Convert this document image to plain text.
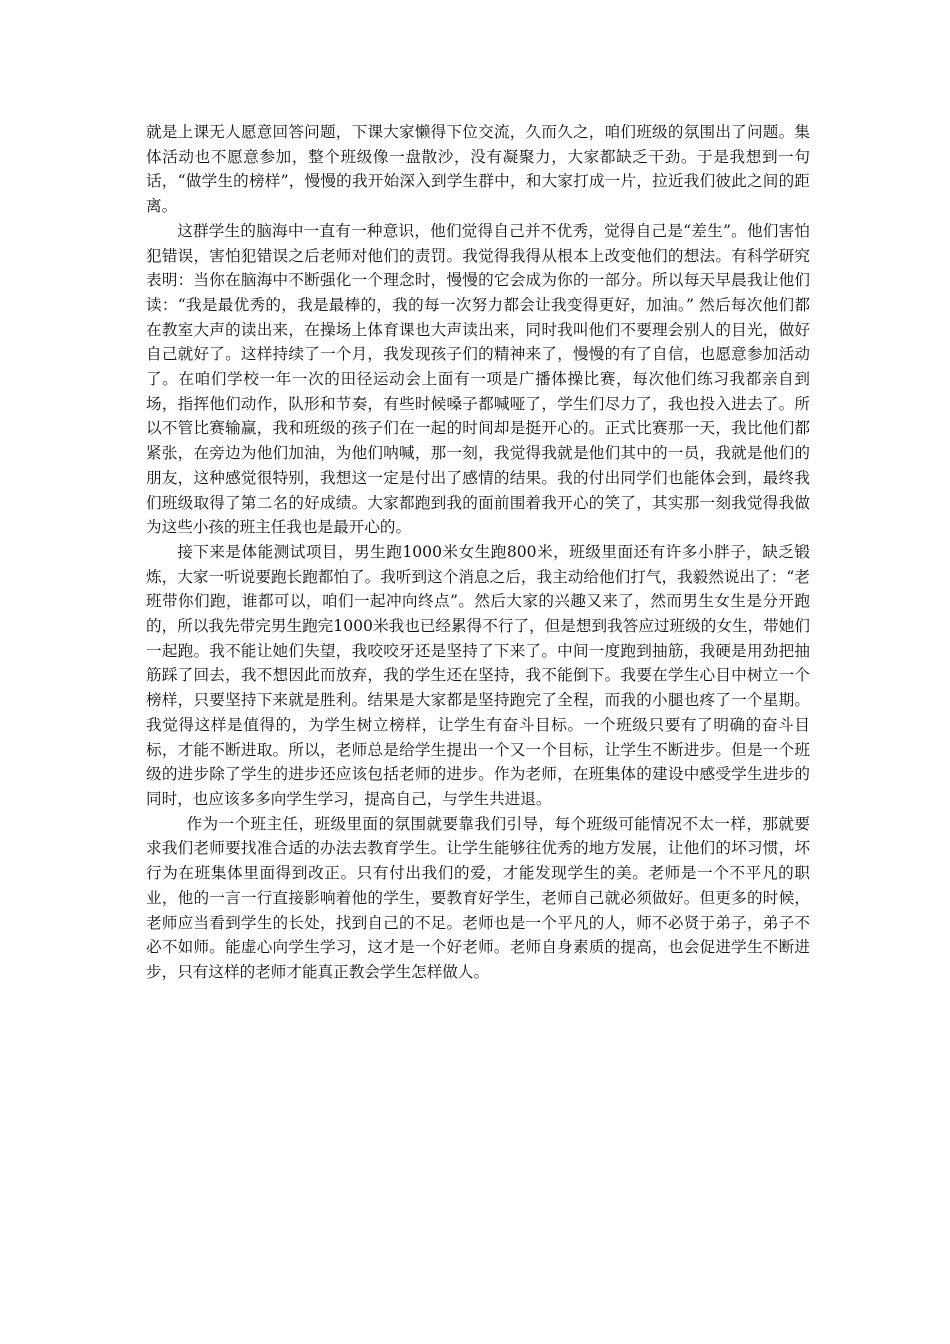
就是上课无人愿意回答问题，下课大家懒得下位交流，久而久之，咱们班级的氛围出了问题。集体活动也不愿意参加，整个班级像一盘散沙，没有凝聚力，大家都缺乏干劲。于是我想到一句话，“做学生的榜样”，慢慢的我开始深入到学生群中，和大家打成一片，拉近我们彼此之间的距离。

这群学生的脑海中一直有一种意识，他们觉得自己并不优秀，觉得自己是“差生”。他们害怕犯错误，害怕犯错误之后老师对他们的责罚。我觉得我得从根本上改变他们的想法。有科学研究表明：当你在脑海中不断强化一个理念时，慢慢的它会成为你的一部分。所以每天早晨我让他们读：“我是最优秀的，我是最棒的，我的每一次努力都会让我变得更好，加油。” 然后每次他们都在教室大声的读出来，在操场上体育课也大声读出来，同时我叫他们不要理会别人的目光，做好自己就好了。这样持续了一个月，我发现孩子们的精神来了，慢慢的有了自信，也愿意参加活动了。在咱们学校一年一次的田径运动会上面有一项是广播体操比赛，每次他们练习我都亲自到场，指挥他们动作，队形和节奏，有些时候嗓子都喊哑了，学生们尽力了，我也投入进去了。所以不管比赛输赢，我和班级的孩子们在一起的时间却是挺开心的。正式比赛那一天，我比他们都紧张，在旁边为他们加油，为他们呐喊，那一刻，我觉得我就是他们其中的一员，我就是他们的朋友，这种感觉很特别，我想这一定是付出了感情的结果。我的付出同学们也能体会到，最终我们班级取得了第二名的好成绩。大家都跑到我的面前围着我开心的笑了，其实那一刻我觉得我做为这些小孩的班主任我也是最开心的。

接下来是体能测试项目，男生跑1000米女生跑800米，班级里面还有许多小胖子，缺乏锻炼，大家一听说要跑长跑都怕了。我听到这个消息之后，我主动给他们打气，我毅然说出了：“老班带你们跑，谁都可以，咱们一起冲向终点”。然后大家的兴趣又来了，然而男生女生是分开跑的，所以我先带完男生跑完1000米我也已经累得不行了，但是想到我答应过班级的女生，带她们一起跑。我不能让她们失望，我咬咬牙还是坚持了下来了。中间一度跑到抽筋，我硬是用劲把抽筋踩了回去，我不想因此而放弃，我的学生还在坚持，我不能倒下。我要在学生心目中树立一个榜样，只要坚持下来就是胜利。结果是大家都是坚持跑完了全程，而我的小腿也疼了一个星期。我觉得这样是值得的，为学生树立榜样，让学生有奋斗目标。一个班级只要有了明确的奋斗目标，才能不断进取。所以，老师总是给学生提出一个又一个目标，让学生不断进步。但是一个班级的进步除了学生的进步还应该包括老师的进步。作为老师，在班集体的建设中感受学生进步的同时，也应该多多向学生学习，提高自己，与学生共进退。

作为一个班主任，班级里面的氛围就要靠我们引导，每个班级可能情况不太一样，那就要求我们老师要找准合适的办法去教育学生。让学生能够往优秀的地方发展，让他们的坏习惯，坏行为在班集体里面得到改正。只有付出我们的爱，才能发现学生的美。老师是一个不平凡的职业，他的一言一行直接影响着他的学生，要教育好学生，老师自己就必须做好。但更多的时候，老师应当看到学生的长处，找到自己的不足。老师也是一个平凡的人，师不必贤于弟子，弟子不必不如师。能虚心向学生学习，这才是一个好老师。老师自身素质的提高，也会促进学生不断进步，只有这样的老师才能真正教会学生怎样做人。
